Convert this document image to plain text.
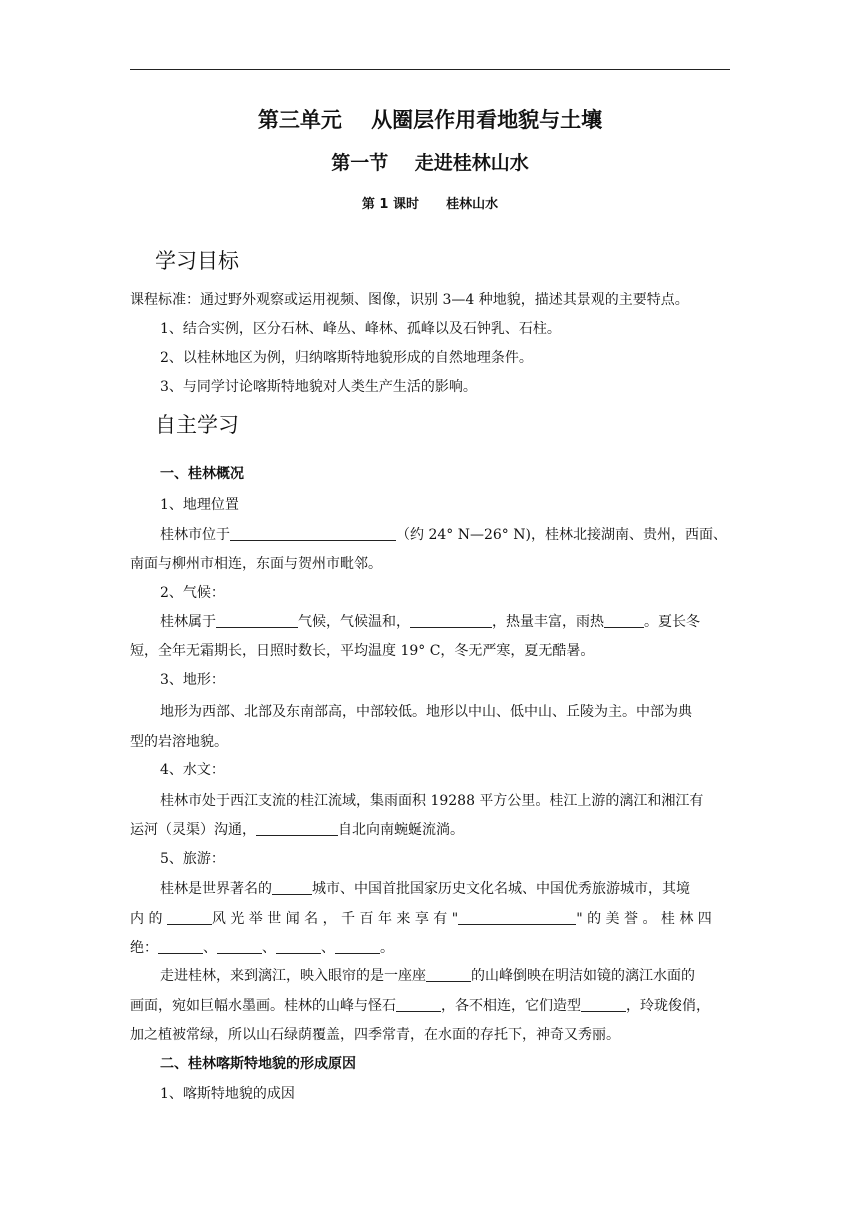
第三单元    从圈层作用看地貌与土壤
第一节    走进桂林山水
第 1 课时      桂林山水
学习目标
课程标准：通过野外观察或运用视频、图像，识别 3—4 种地貌，描述其景观的主要特点。
1、结合实例，区分石林、峰丛、峰林、孤峰以及石钟乳、石柱。
2、以桂林地区为例，归纳喀斯特地貌形成的自然地理条件。
3、与同学讨论喀斯特地貌对人类生产生活的影响。
自主学习
一、桂林概况
1、地理位置
桂林市位于	（约 24° N—26° N)，桂林北接湖南、贵州，西面、
南面与柳州市相连，东面与贺州市毗邻。
2、气候：
桂林属于	气候，气候温和，	，热量丰富，雨热	。夏长冬
短，全年无霜期长，日照时数长，平均温度 19° C，冬无严寒，夏无酷暑。
3、地形：
地形为西部、北部及东南部高，中部较低。地形以中山、低中山、丘陵为主。中部为典
型的岩溶地貌。
4、水文：
桂林市处于西江支流的桂江流域，集雨面积 19288 平方公里。桂江上游的漓江和湘江有
运河（灵渠）沟通，	自北向南蜿蜒流淌。
5、旅游：
桂林是世界著名的	城市、中国首批国家历史文化名城、中国优秀旅游城市，其境
内 的	风 光 举 世 闻 名 ， 千 百 年 来 享 有 "	" 的 美 誉 。 桂 林 四
绝：	、	、	、	。
走进桂林，来到漓江，映入眼帘的是一座座	的山峰倒映在明洁如镜的漓江水面的
画面，宛如巨幅水墨画。桂林的山峰与怪石	，各不相连，它们造型	，玲珑俊俏，
加之植被常绿，所以山石绿荫覆盖，四季常青，在水面的存托下，神奇又秀丽。
二、桂林喀斯特地貌的形成原因
1、喀斯特地貌的成因
